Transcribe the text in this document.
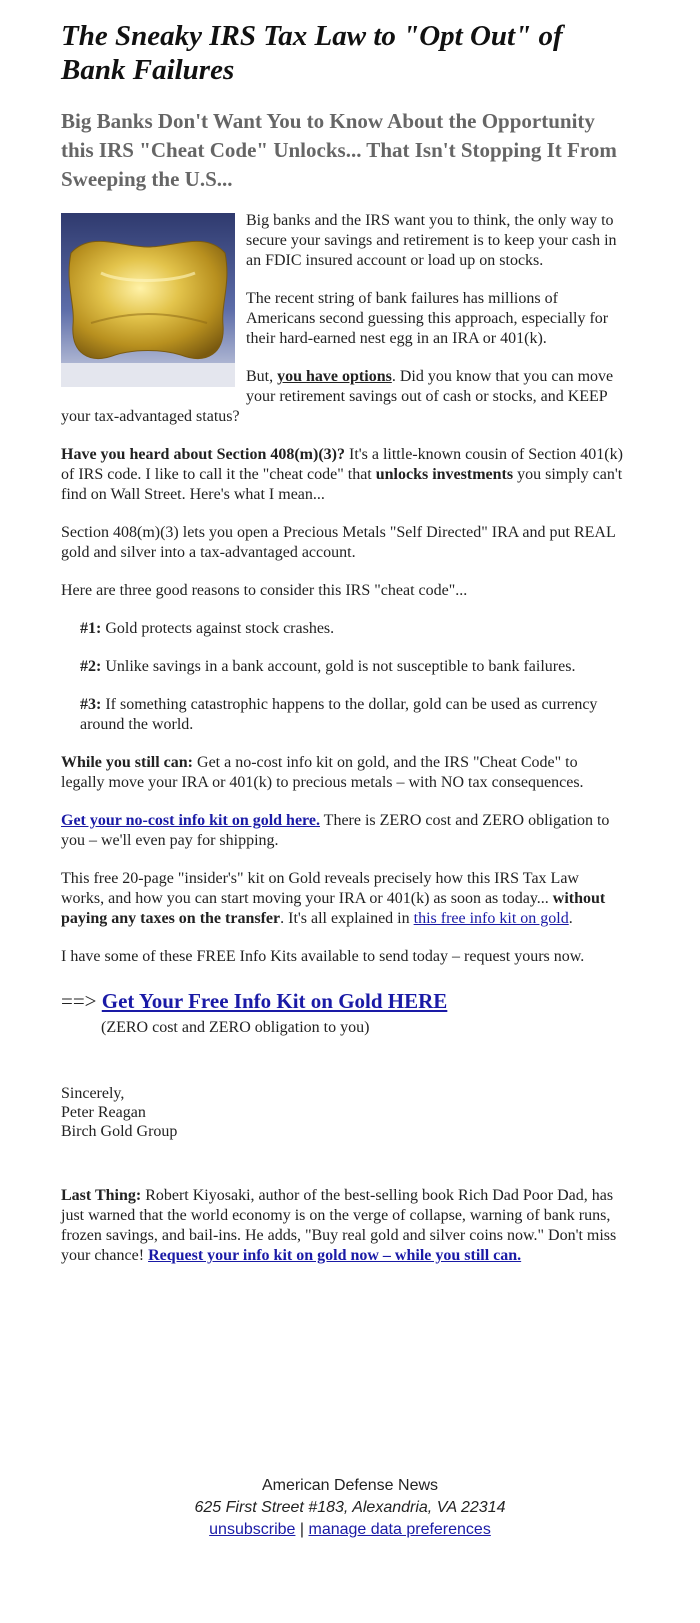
The Sneaky IRS Tax Law to "Opt Out" of Bank Failures
Big Banks Don't Want You to Know About the Opportunity this IRS "Cheat Code" Unlocks... That Isn't Stopping It From Sweeping the U.S...

Big banks and the IRS want you to think, the only way to secure your savings and retirement is to keep your cash in an FDIC insured account or load up on stocks.

The recent string of bank failures has millions of Americans second guessing this approach, especially for their hard-earned nest egg in an IRA or 401(k).

But, you have options. Did you know that you can move your retirement savings out of cash or stocks, and KEEP your tax-advantaged status?

Have you heard about Section 408(m)(3)? It's a little-known cousin of Section 401(k) of IRS code. I like to call it the "cheat code" that unlocks investments you simply can't find on Wall Street. Here's what I mean...

Section 408(m)(3) lets you open a Precious Metals "Self Directed" IRA and put REAL gold and silver into a tax-advantaged account.

Here are three good reasons to consider this IRS "cheat code"...

#1: Gold protects against stock crashes.

#2: Unlike savings in a bank account, gold is not susceptible to bank failures.

#3: If something catastrophic happens to the dollar, gold can be used as currency around the world.

While you still can: Get a no-cost info kit on gold, and the IRS "Cheat Code" to legally move your IRA or 401(k) to precious metals – with NO tax consequences.

Get your no-cost info kit on gold here. There is ZERO cost and ZERO obligation to you – we'll even pay for shipping.

This free 20-page "insider's" kit on Gold reveals precisely how this IRS Tax Law works, and how you can start moving your IRA or 401(k) as soon as today... without paying any taxes on the transfer. It's all explained in this free info kit on gold.

I have some of these FREE Info Kits available to send today – request yours now.

==> Get Your Free Info Kit on Gold HERE
(ZERO cost and ZERO obligation to you)
Sincerely,
Peter Reagan
Birch Gold Group

Last Thing: Robert Kiyosaki, author of the best-selling book Rich Dad Poor Dad, has just warned that the world economy is on the verge of collapse, warning of bank runs, frozen savings, and bail-ins. He adds, "Buy real gold and silver coins now." Don't miss your chance! Request your info kit on gold now – while you still can.

American Defense News
625 First Street #183, Alexandria, VA 22314
unsubscribe | manage data preferences
